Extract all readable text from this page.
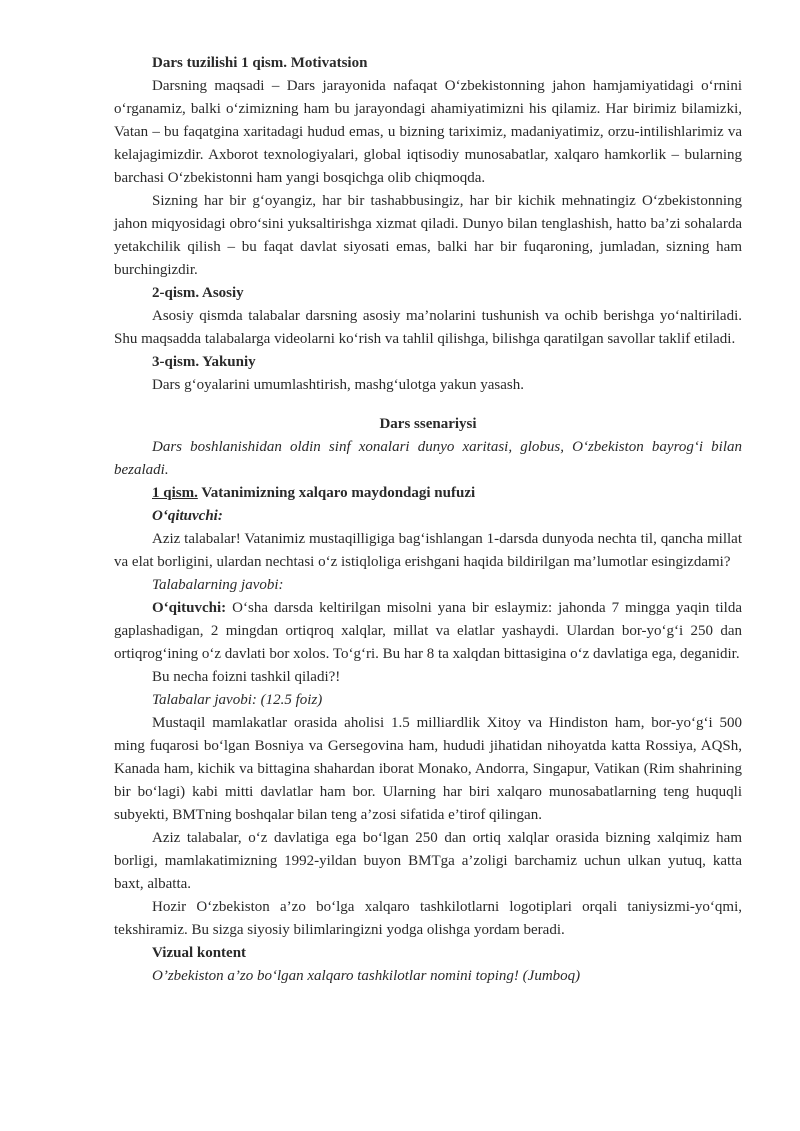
Dars tuzilishi 1 qism. Motivatsion

Darsning maqsadi – Dars jarayonida nafaqat O‘zbekistonning jahon hamjamiyatidagi o‘rnini o‘rganamiz, balki o‘zimizning ham bu jarayondagi ahamiyatimizni his qilamiz. Har birimiz bilamizki, Vatan – bu faqatgina xaritadagi hudud emas, u bizning tariximiz, madaniyatimiz, orzu-intilishlarimiz va kelajagimizdir. Axborot texnologiyalari, global iqtisodiy munosabatlar, xalqaro hamkorlik – bularning barchasi O‘zbekistonni ham yangi bosqichga olib chiqmoqda.

Sizning har bir g‘oyangiz, har bir tashabbusingiz, har bir kichik mehnatingiz O‘zbekistonning jahon miqyosidagi obro‘sini yuksaltirishga xizmat qiladi. Dunyo bilan tenglashish, hatto ba’zi sohalarda yetakchilik qilish – bu faqat davlat siyosati emas, balki har bir fuqaroning, jumladan, sizning ham burchingizdir.

2-qism. Asosiy

Asosiy qismda talabalar darsning asosiy ma’nolarini tushunish va ochib berishga yo‘naltiriladi. Shu maqsadda talabalarga videolarni ko‘rish va tahlil qilishga, bilishga qaratilgan savollar taklif etiladi.

3-qism. Yakuniy

Dars g‘oyalarini umumlashtirish, mashg‘ulotga yakun yasash.

Dars ssenariysi

Dars boshlanishidan oldin sinf xonalari dunyo xaritasi, globus, O‘zbekiston bayrog‘i bilan bezaladi.

1 qism. Vatanimizning xalqaro maydondagi nufuzi

O‘qituvchi:

Aziz talabalar! Vatanimiz mustaqilligiga bag‘ishlangan 1-darsda dunyoda nechta til, qancha millat va elat borligini, ulardan nechtasi o‘z istiqloliga erishgani haqida bildirilgan ma’lumotlar esingizdami?

Talabalarning javobi:

O‘qituvchi: O‘sha darsda keltirilgan misolni yana bir eslaymiz: jahonda 7 mingga yaqin tilda gaplashadigan, 2 mingdan ortiqroq xalqlar, millat va elatlar yashaydi. Ulardan bor-yo‘g‘i 250 dan ortiqrog‘ining o‘z davlati bor xolos. To‘g‘ri. Bu har 8 ta xalqdan bittasigina o‘z davlatiga ega, deganidir.

Bu necha foizni tashkil qiladi?!

Talabalar javobi: (12.5 foiz)

Mustaqil mamlakatlar orasida aholisi 1.5 milliardlik Xitoy va Hindiston ham, bor-yo‘g‘i 500 ming fuqarosi bo‘lgan Bosniya va Gersegovina ham, hududi jihatidan nihoyatda katta Rossiya, AQSh, Kanada ham, kichik va bittagina shahardan iborat Monako, Andorra, Singapur, Vatikan (Rim shahrining bir bo‘lagi) kabi mitti davlatlar ham bor. Ularning har biri xalqaro munosabatlarning teng huquqli subyekti, BMTning boshqalar bilan teng a’zosi sifatida e’tirof qilingan.

Aziz talabalar, o‘z davlatiga ega bo‘lgan 250 dan ortiq xalqlar orasida bizning xalqimiz ham borligi, mamlakatimizning 1992-yildan buyon BMTga a’zoligi barchamiz uchun ulkan yutuq, katta baxt, albatta.

Hozir O‘zbekiston a’zo bo‘lga xalqaro tashkilotlarni logotiplari orqali taniysizmi-yo‘qmi, tekshiramiz. Bu sizga siyosiy bilimlaringizni yodga olishga yordam beradi.

Vizual kontent

O’zbekiston a’zo bo‘lgan xalqaro tashkilotlar nomini toping! (Jumboq)
